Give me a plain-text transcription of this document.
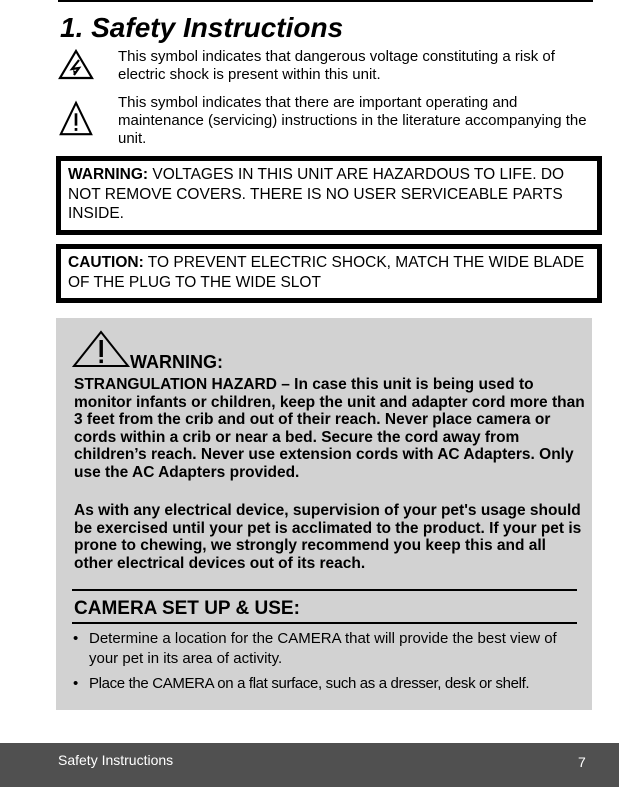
1. Safety Instructions
This symbol indicates that dangerous voltage constituting a risk of electric shock is present within this unit.
This symbol indicates that there are important operating and maintenance (servicing) instructions in the literature accompanying the unit.
WARNING: VOLTAGES IN THIS UNIT ARE HAZARDOUS TO LIFE. DO NOT REMOVE COVERS. THERE IS NO USER SERVICEABLE PARTS INSIDE.
CAUTION: TO PREVENT ELECTRIC SHOCK, MATCH THE WIDE BLADE OF THE PLUG TO THE WIDE SLOT
WARNING:
STRANGULATION HAZARD – In case this unit is being used to monitor infants or children, keep the unit and adapter cord more than 3 feet from the crib and out of their reach. Never place camera or cords within a crib or near a bed. Secure the cord away from children’s reach. Never use extension cords with AC Adapters. Only use the AC Adapters provided.
As with any electrical device, supervision of your pet's usage should be exercised until your pet is acclimated to the product. If your pet is prone to chewing, we strongly recommend you keep this and all other electrical devices out of its reach.
CAMERA SET UP & USE:
• Determine a location for the CAMERA that will provide the best view of your pet in its area of activity.
• Place the CAMERA on a flat surface, such as a dresser, desk or shelf.
Safety Instructions	7
